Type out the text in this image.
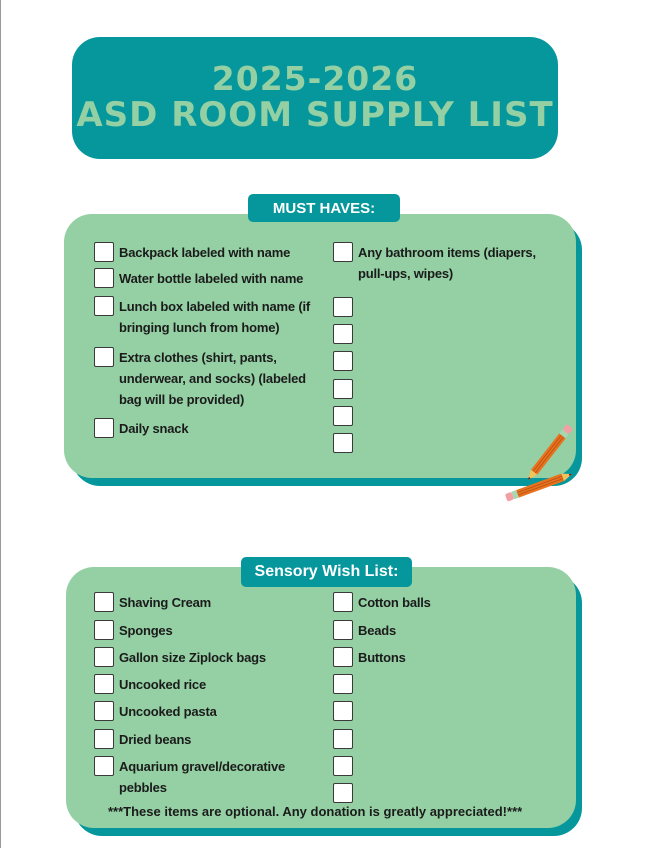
2025-2026
ASD ROOM SUPPLY LIST
MUST HAVES:
Backpack labeled with name
Water bottle labeled with name
Lunch box labeled with name (if bringing lunch from home)
Extra clothes (shirt, pants, underwear, and socks) (labeled bag will be provided)
Daily snack
Any bathroom items (diapers, pull-ups, wipes)
Sensory Wish List:
Shaving Cream
Sponges
Gallon size Ziplock bags
Uncooked rice
Uncooked pasta
Dried beans
Aquarium gravel/decorative pebbles
Cotton balls
Beads
Buttons
***These items are optional. Any donation is greatly appreciated!***
